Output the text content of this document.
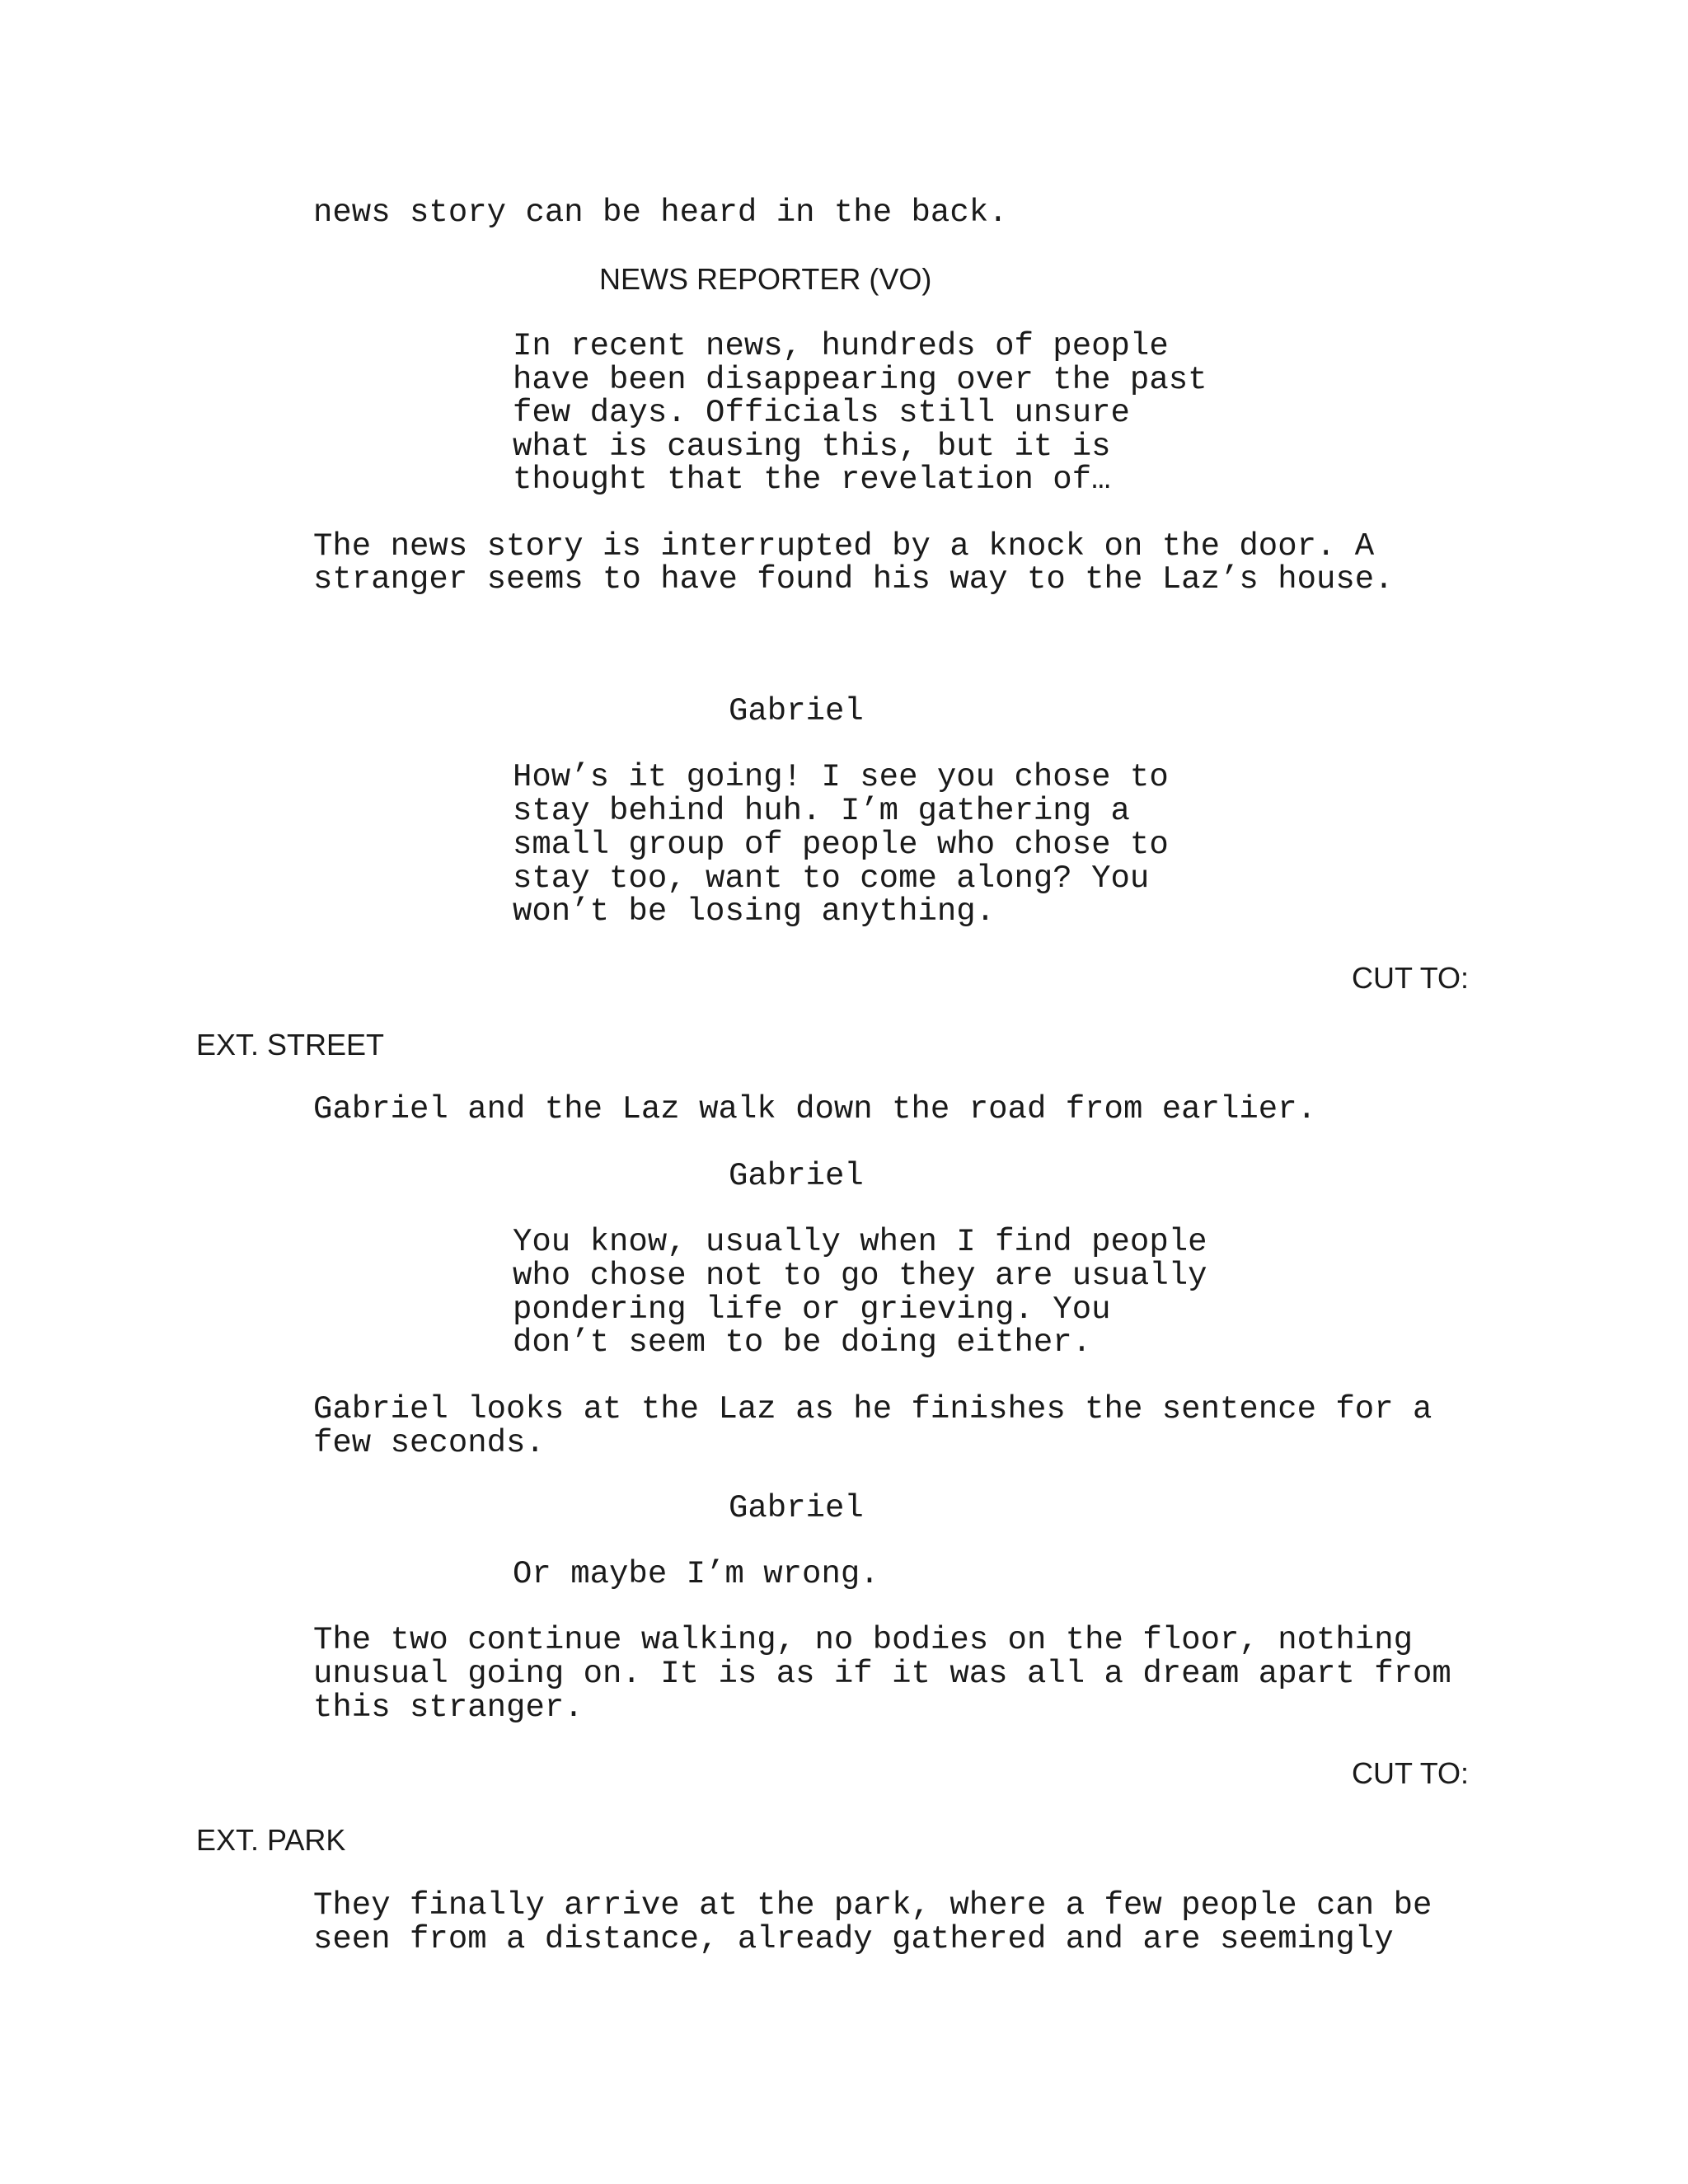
news story can be heard in the back.
NEWS REPORTER (VO)
In recent news, hundreds of people
have been disappearing over the past
few days. Officials still unsure
what is causing this, but it is
thought that the revelation of…
The news story is interrupted by a knock on the door. A
stranger seems to have found his way to the Laz’s house.
Gabriel
How’s it going! I see you chose to
stay behind huh. I’m gathering a
small group of people who chose to
stay too, want to come along? You
won’t be losing anything.
CUT TO:
EXT. STREET
Gabriel and the Laz walk down the road from earlier.
Gabriel
You know, usually when I find people
who chose not to go they are usually
pondering life or grieving. You
don’t seem to be doing either.
Gabriel looks at the Laz as he finishes the sentence for a
few seconds.
Gabriel
Or maybe I’m wrong.
The two continue walking, no bodies on the floor, nothing
unusual going on. It is as if it was all a dream apart from
this stranger.
CUT TO:
EXT. PARK
They finally arrive at the park, where a few people can be
seen from a distance, already gathered and are seemingly
